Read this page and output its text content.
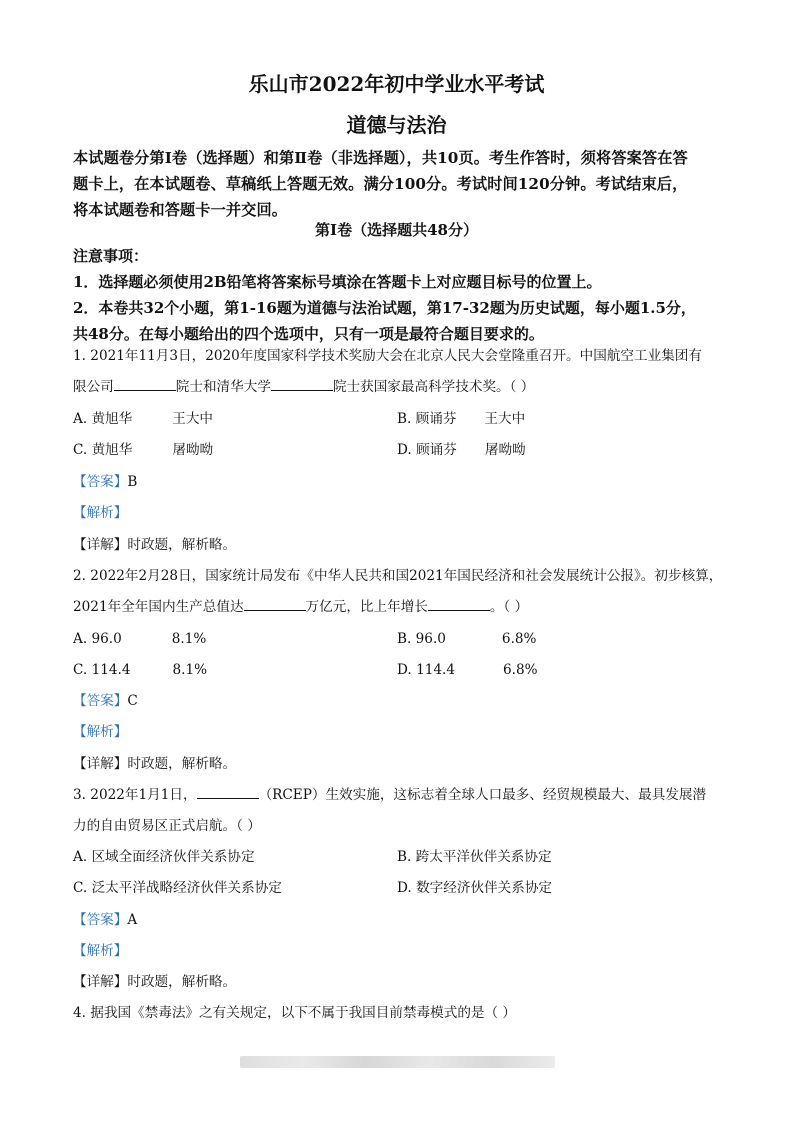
乐山市2022年初中学业水平考试
道德与法治
本试题卷分第I卷（选择题）和第Ⅱ卷（非选择题），共10页。考生作答时，须将答案答在答
题卡上，在本试题卷、草稿纸上答题无效。满分100分。考试时间120分钟。考试结束后，
将本试题卷和答题卡一并交回。
第I卷（选择题共48分）
注意事项：
1．选择题必须使用2B铅笔将答案标号填涂在答题卡上对应题目标号的位置上。
2．本卷共32个小题，第1-16题为道德与法治试题，第17-32题为历史试题，每小题1.5分，
共48分。在每小题给出的四个选项中，只有一项是最符合题目要求的。
1. 2021年11月3日，2020年度国家科学技术奖励大会在北京人民大会堂隆重召开。中国航空工业集团有
限公司	院士和清华大学	院士获国家最高科学技术奖。（ ）
A. 黄旭华	王大中	B. 顾诵芬 王大中
C. 黄旭华	屠呦呦	D. 顾诵芬 屠呦呦
【答案】B
【解析】
【详解】时政题，解析略。
2. 2022年2月28日，国家统计局发布《中华人民共和国2021年国民经济和社会发展统计公报》。初步核算，
2021年全年国内生产总值达	万亿元，比上年增长	。（ ）
A. 96.0	8.1%	B. 96.0	6.8%
C. 114.4	8.1%	D. 114.4	6.8%
【答案】C
【解析】
【详解】时政题，解析略。
3. 2022年1月1日，	（RCEP）生效实施，这标志着全球人口最多、经贸规模最大、最具发展潜
力的自由贸易区正式启航。（ ）
A. 区域全面经济伙伴关系协定	B. 跨太平洋伙伴关系协定
C. 泛太平洋战略经济伙伴关系协定	D. 数字经济伙伴关系协定
【答案】A
【解析】
【详解】时政题，解析略。
4. 据我国《禁毒法》之有关规定，以下不属于我国目前禁毒模式的是（ ）
